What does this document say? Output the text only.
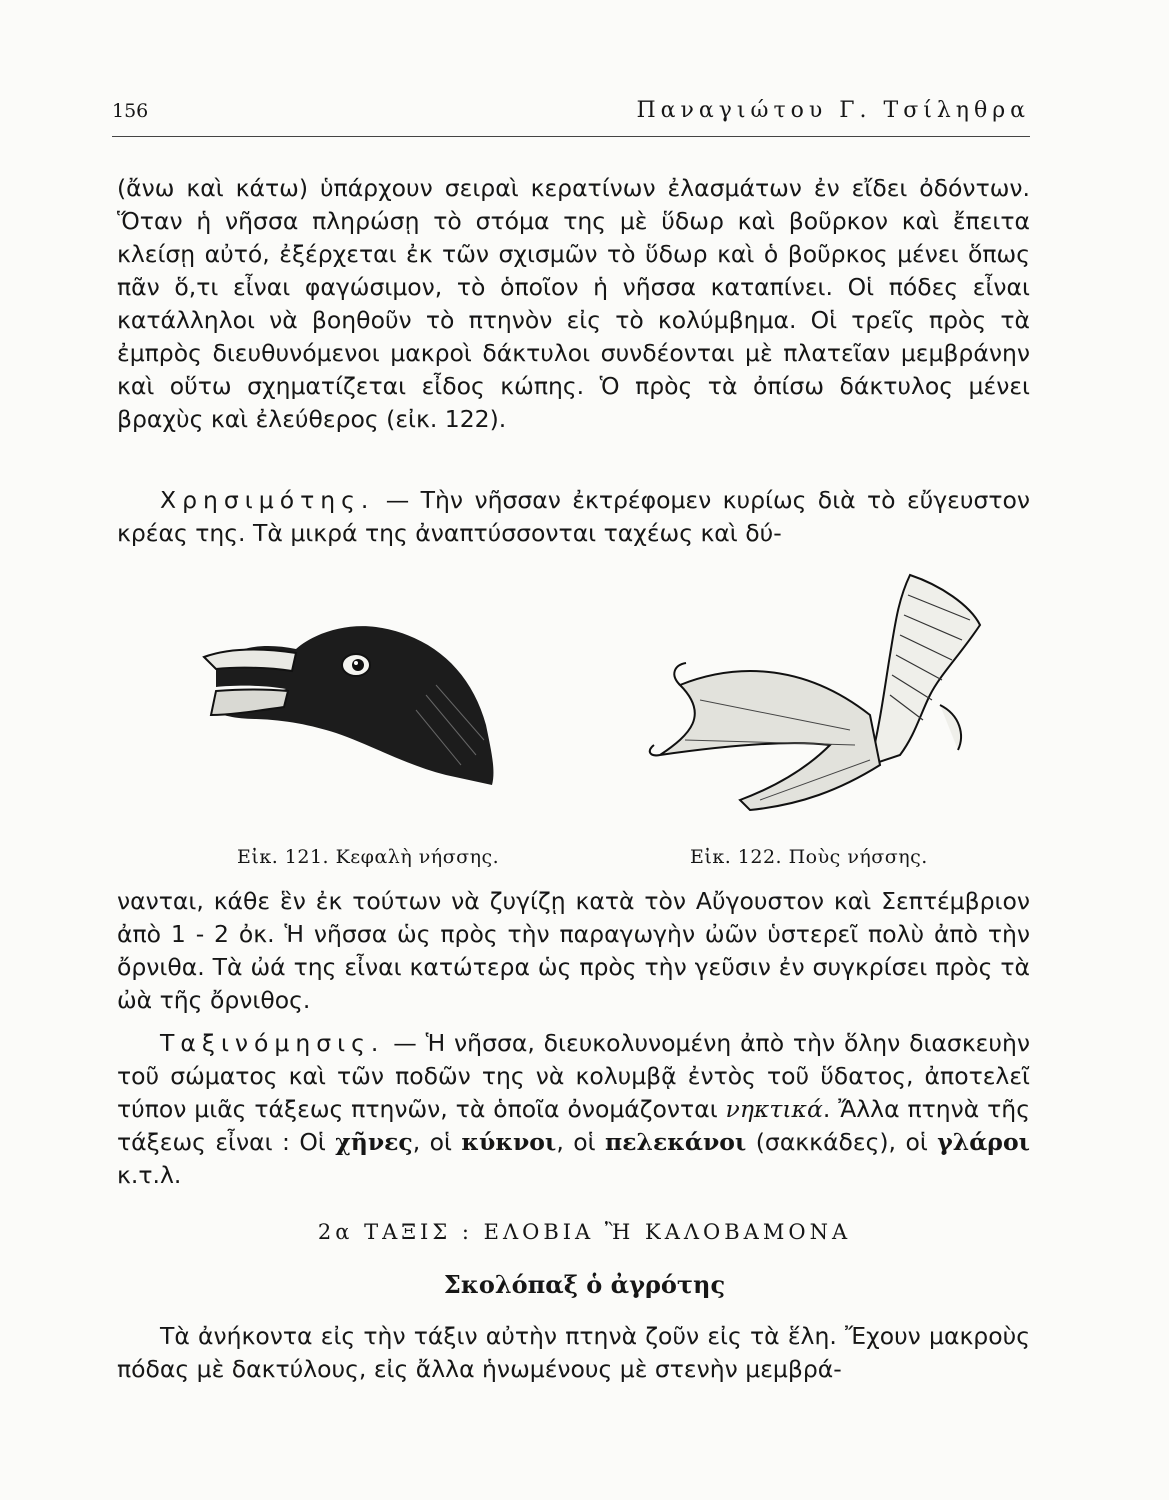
156	Παναγιώτου Γ. Τσίληθρα

(ἄνω καὶ κάτω) ὑπάρχουν σειραὶ κερατίνων ἐλασμάτων ἐν εἴδει ὀδόντων. Ὅταν ἡ νῆσσα πληρώσῃ τὸ στόμα της μὲ ὕδωρ καὶ βοῦρκον καὶ ἔπειτα κλείσῃ αὐτό, ἐξέρχεται ἐκ τῶν σχισμῶν τὸ ὕδωρ καὶ ὁ βοῦρκος μένει ὅπως πᾶν ὅ,τι εἶναι φαγώσιμον, τὸ ὁποῖον ἡ νῆσσα καταπίνει. Οἱ πόδες εἶναι κατάλληλοι νὰ βοηθοῦν τὸ πτηνὸν εἰς τὸ κολύμβημα. Οἱ τρεῖς πρὸς τὰ ἐμπρὸς διευθυνόμενοι μακροὶ δάκτυλοι συνδέονται μὲ πλατεῖαν μεμβράνην καὶ οὕτω σχηματίζεται εἶδος κώπης. Ὁ πρὸς τὰ ὀπίσω δάκτυλος μένει βραχὺς καὶ ἐλεύθερος (εἰκ. 122).

Χρησιμότης. — Τὴν νῆσσαν ἐκτρέφομεν κυρίως διὰ τὸ εὔγευστον κρέας της. Τὰ μικρά της ἀναπτύσσονται ταχέως καὶ δύ-

Εἰκ. 121. Κεφαλὴ νήσσης.	Εἰκ. 122. Ποὺς νήσσης.

νανται, κάθε ἓν ἐκ τούτων νὰ ζυγίζῃ κατὰ τὸν Αὔγουστον καὶ Σεπτέμβριον ἀπὸ 1 - 2 ὀκ. Ἡ νῆσσα ὡς πρὸς τὴν παραγωγὴν ὠῶν ὑστερεῖ πολὺ ἀπὸ τὴν ὄρνιθα. Τὰ ὠά της εἶναι κατώτερα ὡς πρὸς τὴν γεῦσιν ἐν συγκρίσει πρὸς τὰ ὠὰ τῆς ὄρνιθος.

Ταξινόμησις. — Ἡ νῆσσα, διευκολυνομένη ἀπὸ τὴν ὅλην διασκευὴν τοῦ σώματος καὶ τῶν ποδῶν της νὰ κολυμβᾷ ἐντὸς τοῦ ὕδατος, ἀποτελεῖ τύπον μιᾶς τάξεως πτηνῶν, τὰ ὁποῖα ὀνομάζονται νηκτικά. Ἄλλα πτηνὰ τῆς τάξεως εἶναι : Οἱ χῆνες, οἱ κύκνοι, οἱ πελεκάνοι (σακκάδες), οἱ γλάροι κ.τ.λ.

2α ΤΑΞΙΣ : ΕΛΟΒΙΑ Ἢ ΚΑΛΟΒΑΜΟΝΑ
Σκολόπαξ ὁ ἀγρότης

Τὰ ἀνήκοντα εἰς τὴν τάξιν αὐτὴν πτηνὰ ζοῦν εἰς τὰ ἕλη. Ἔχουν μακροὺς πόδας μὲ δακτύλους, εἰς ἄλλα ἡνωμένους μὲ στενὴν μεμβρά-
